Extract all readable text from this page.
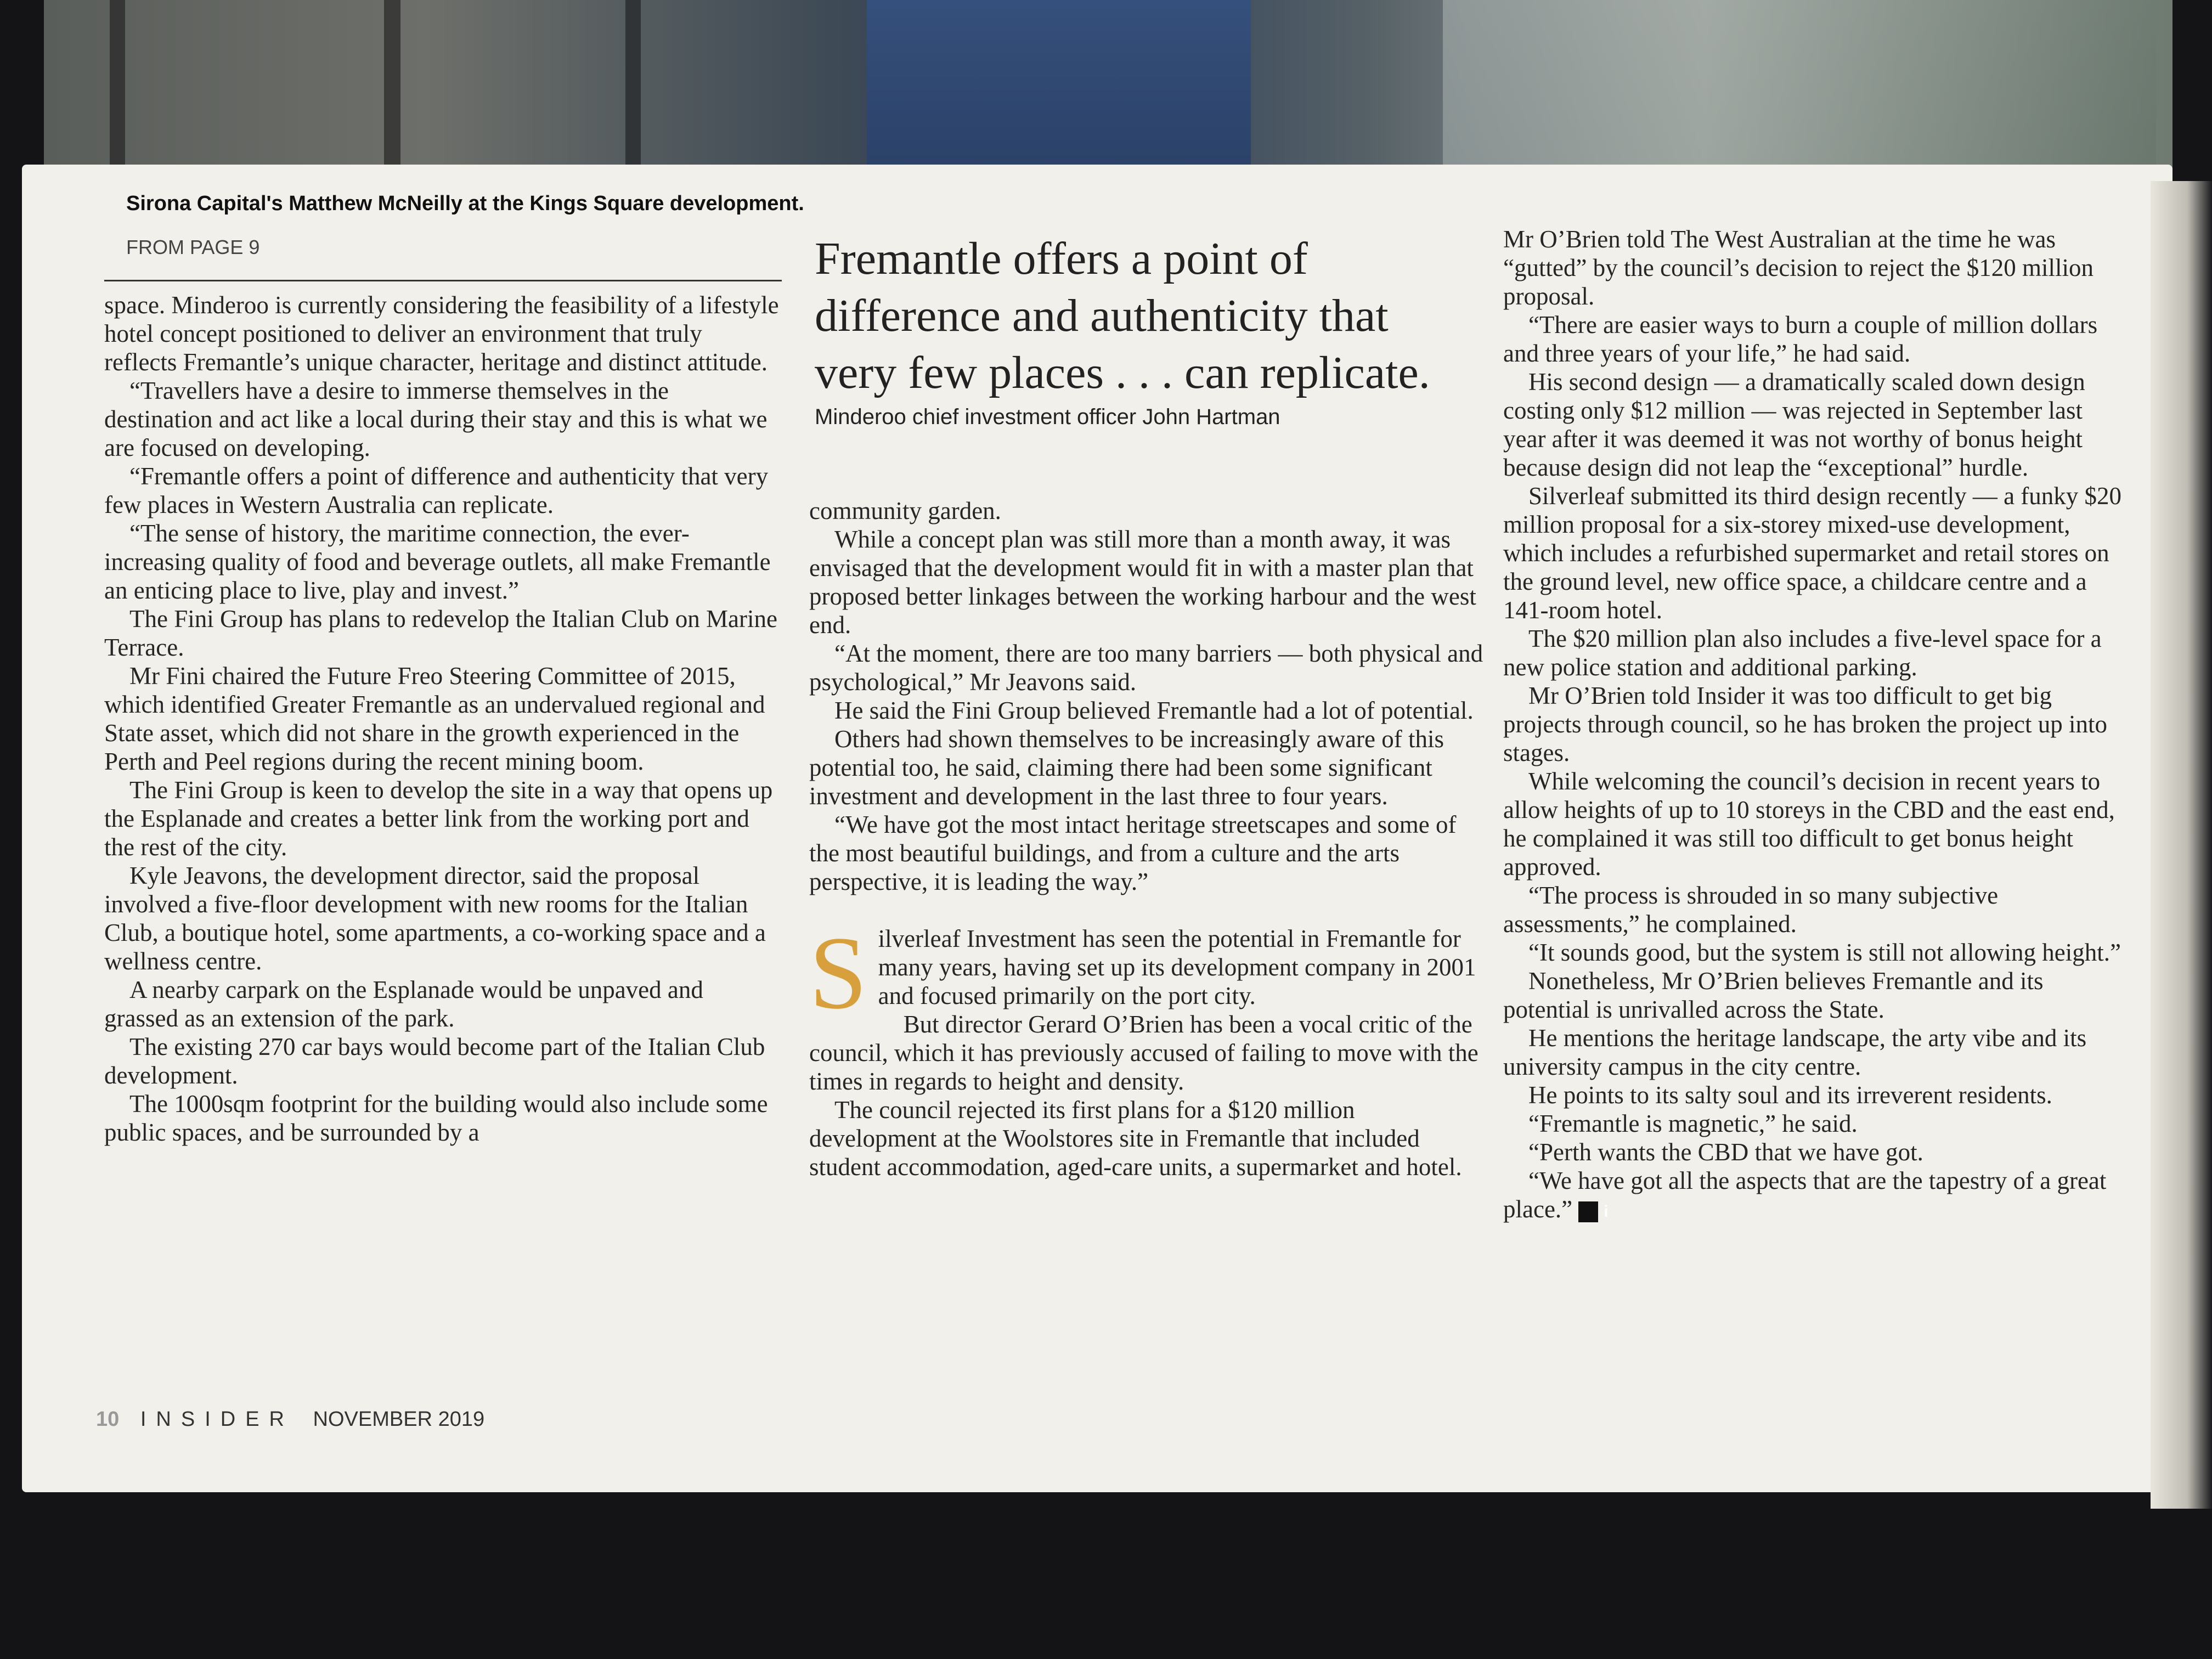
Sirona Capital's Matthew McNeilly at the Kings Square development.
FROM PAGE 9

space. Minderoo is currently considering the feasibility of a lifestyle hotel concept positioned to deliver an environment that truly reflects Fremantle’s unique character, heritage and distinct attitude.

“Travellers have a desire to immerse themselves in the destination and act like a local during their stay and this is what we are focused on developing.

“Fremantle offers a point of difference and authenticity that very few places in Western Australia can replicate.

“The sense of history, the maritime connection, the ever-increasing quality of food and beverage outlets, all make Fremantle an enticing place to live, play and invest.”

The Fini Group has plans to redevelop the Italian Club on Marine Terrace.

Mr Fini chaired the Future Freo Steering Committee of 2015, which identified Greater Fremantle as an undervalued regional and State asset, which did not share in the growth experienced in the Perth and Peel regions during the recent mining boom.

The Fini Group is keen to develop the site in a way that opens up the Esplanade and creates a better link from the working port and the rest of the city.

Kyle Jeavons, the development director, said the proposal involved a five-floor development with new rooms for the Italian Club, a boutique hotel, some apartments, a co-working space and a wellness centre.

A nearby carpark on the Esplanade would be unpaved and grassed as an extension of the park.

The existing 270 car bays would become part of the Italian Club development.

The 1000sqm footprint for the building would also include some public spaces, and be surrounded by a

Fremantle offers a point of difference and authenticity that very few places . . . can replicate.
Minderoo chief investment officer John Hartman

community garden.

While a concept plan was still more than a month away, it was envisaged that the development would fit in with a master plan that proposed better linkages between the working harbour and the west end.

“At the moment, there are too many barriers — both physical and psychological,” Mr Jeavons said.

He said the Fini Group believed Fremantle had a lot of potential.

Others had shown themselves to be increasingly aware of this potential too, he said, claiming there had been some significant investment and development in the last three to four years.

“We have got the most intact heritage streetscapes and some of the most beautiful buildings, and from a culture and the arts perspective, it is leading the way.”

Silverleaf Investment has seen the potential in Fremantle for many years, having set up its development company in 2001 and focused primarily on the port city.

But director Gerard O’Brien has been a vocal critic of the council, which it has previously accused of failing to move with the times in regards to height and density.

The council rejected its first plans for a $120 million development at the Woolstores site in Fremantle that included student accommodation, aged-care units, a supermarket and hotel.

Mr O’Brien told The West Australian at the time he was “gutted” by the council’s decision to reject the $120 million proposal.

“There are easier ways to burn a couple of million dollars and three years of your life,” he had said.

His second design — a dramatically scaled down design costing only $12 million — was rejected in September last year after it was deemed it was not worthy of bonus height because design did not leap the “exceptional” hurdle.

Silverleaf submitted its third design recently — a funky $20 million proposal for a six-storey mixed-use development, which includes a refurbished supermarket and retail stores on the ground level, new office space, a childcare centre and a 141-room hotel.

The $20 million plan also includes a five-level space for a new police station and additional parking.

Mr O’Brien told Insider it was too difficult to get big projects through council, so he has broken the project up into stages.

While welcoming the council’s decision in recent years to allow heights of up to 10 storeys in the CBD and the east end, he complained it was still too difficult to get bonus height approved.

“The process is shrouded in so many subjective assessments,” he complained.

“It sounds good, but the system is still not allowing height.”

Nonetheless, Mr O’Brien believes Fremantle and its potential is unrivalled across the State.

He mentions the heritage landscape, the arty vibe and its university campus in the city centre.

He points to its salty soul and its irreverent residents.

“Fremantle is magnetic,” he said.

“Perth wants the CBD that we have got.

“We have got all the aspects that are the tapestry of a great place.” i

10 INSIDER NOVEMBER 2019
